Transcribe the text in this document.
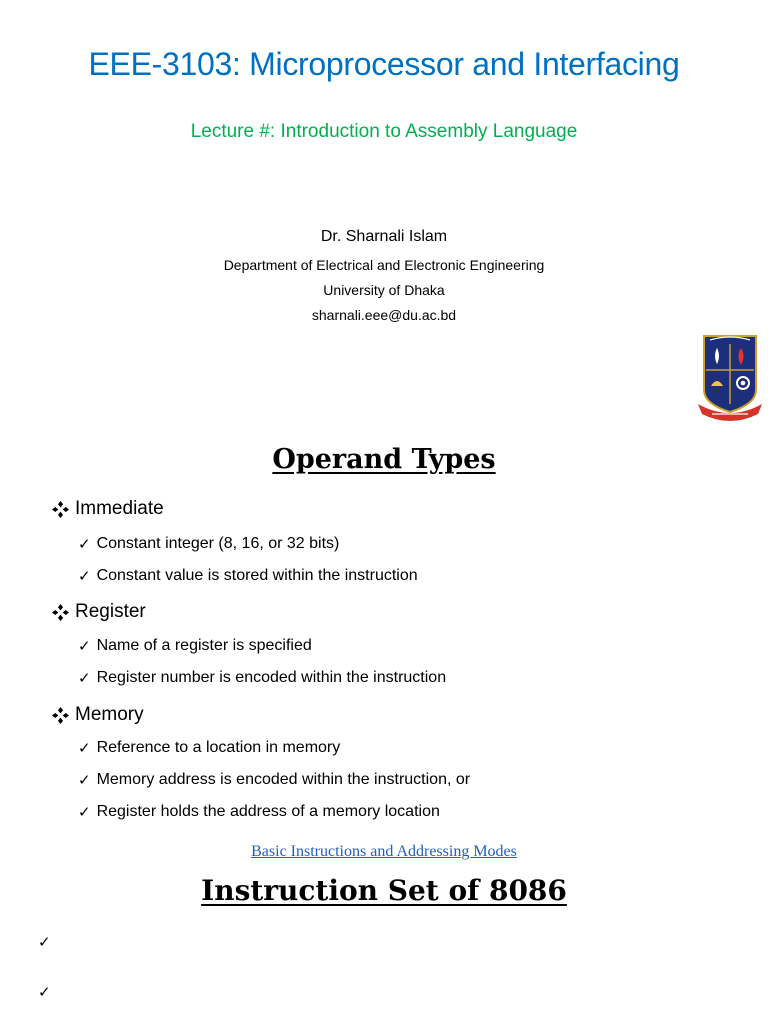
EEE-3103: Microprocessor and Interfacing
Lecture #: Introduction to Assembly Language
Dr. Sharnali Islam
Department of Electrical and Electronic Engineering
University of Dhaka
sharnali.eee@du.ac.bd
Operand Types
Immediate
✓ Constant integer (8, 16, or 32 bits)
✓ Constant value is stored within the instruction
Register
✓ Name of a register is specified
✓ Register number is encoded within the instruction
Memory
✓ Reference to a location in memory
✓ Memory address is encoded within the instruction, or
✓ Register holds the address of a memory location
Basic Instructions and Addressing Modes
Instruction Set of 8086
✓
✓
